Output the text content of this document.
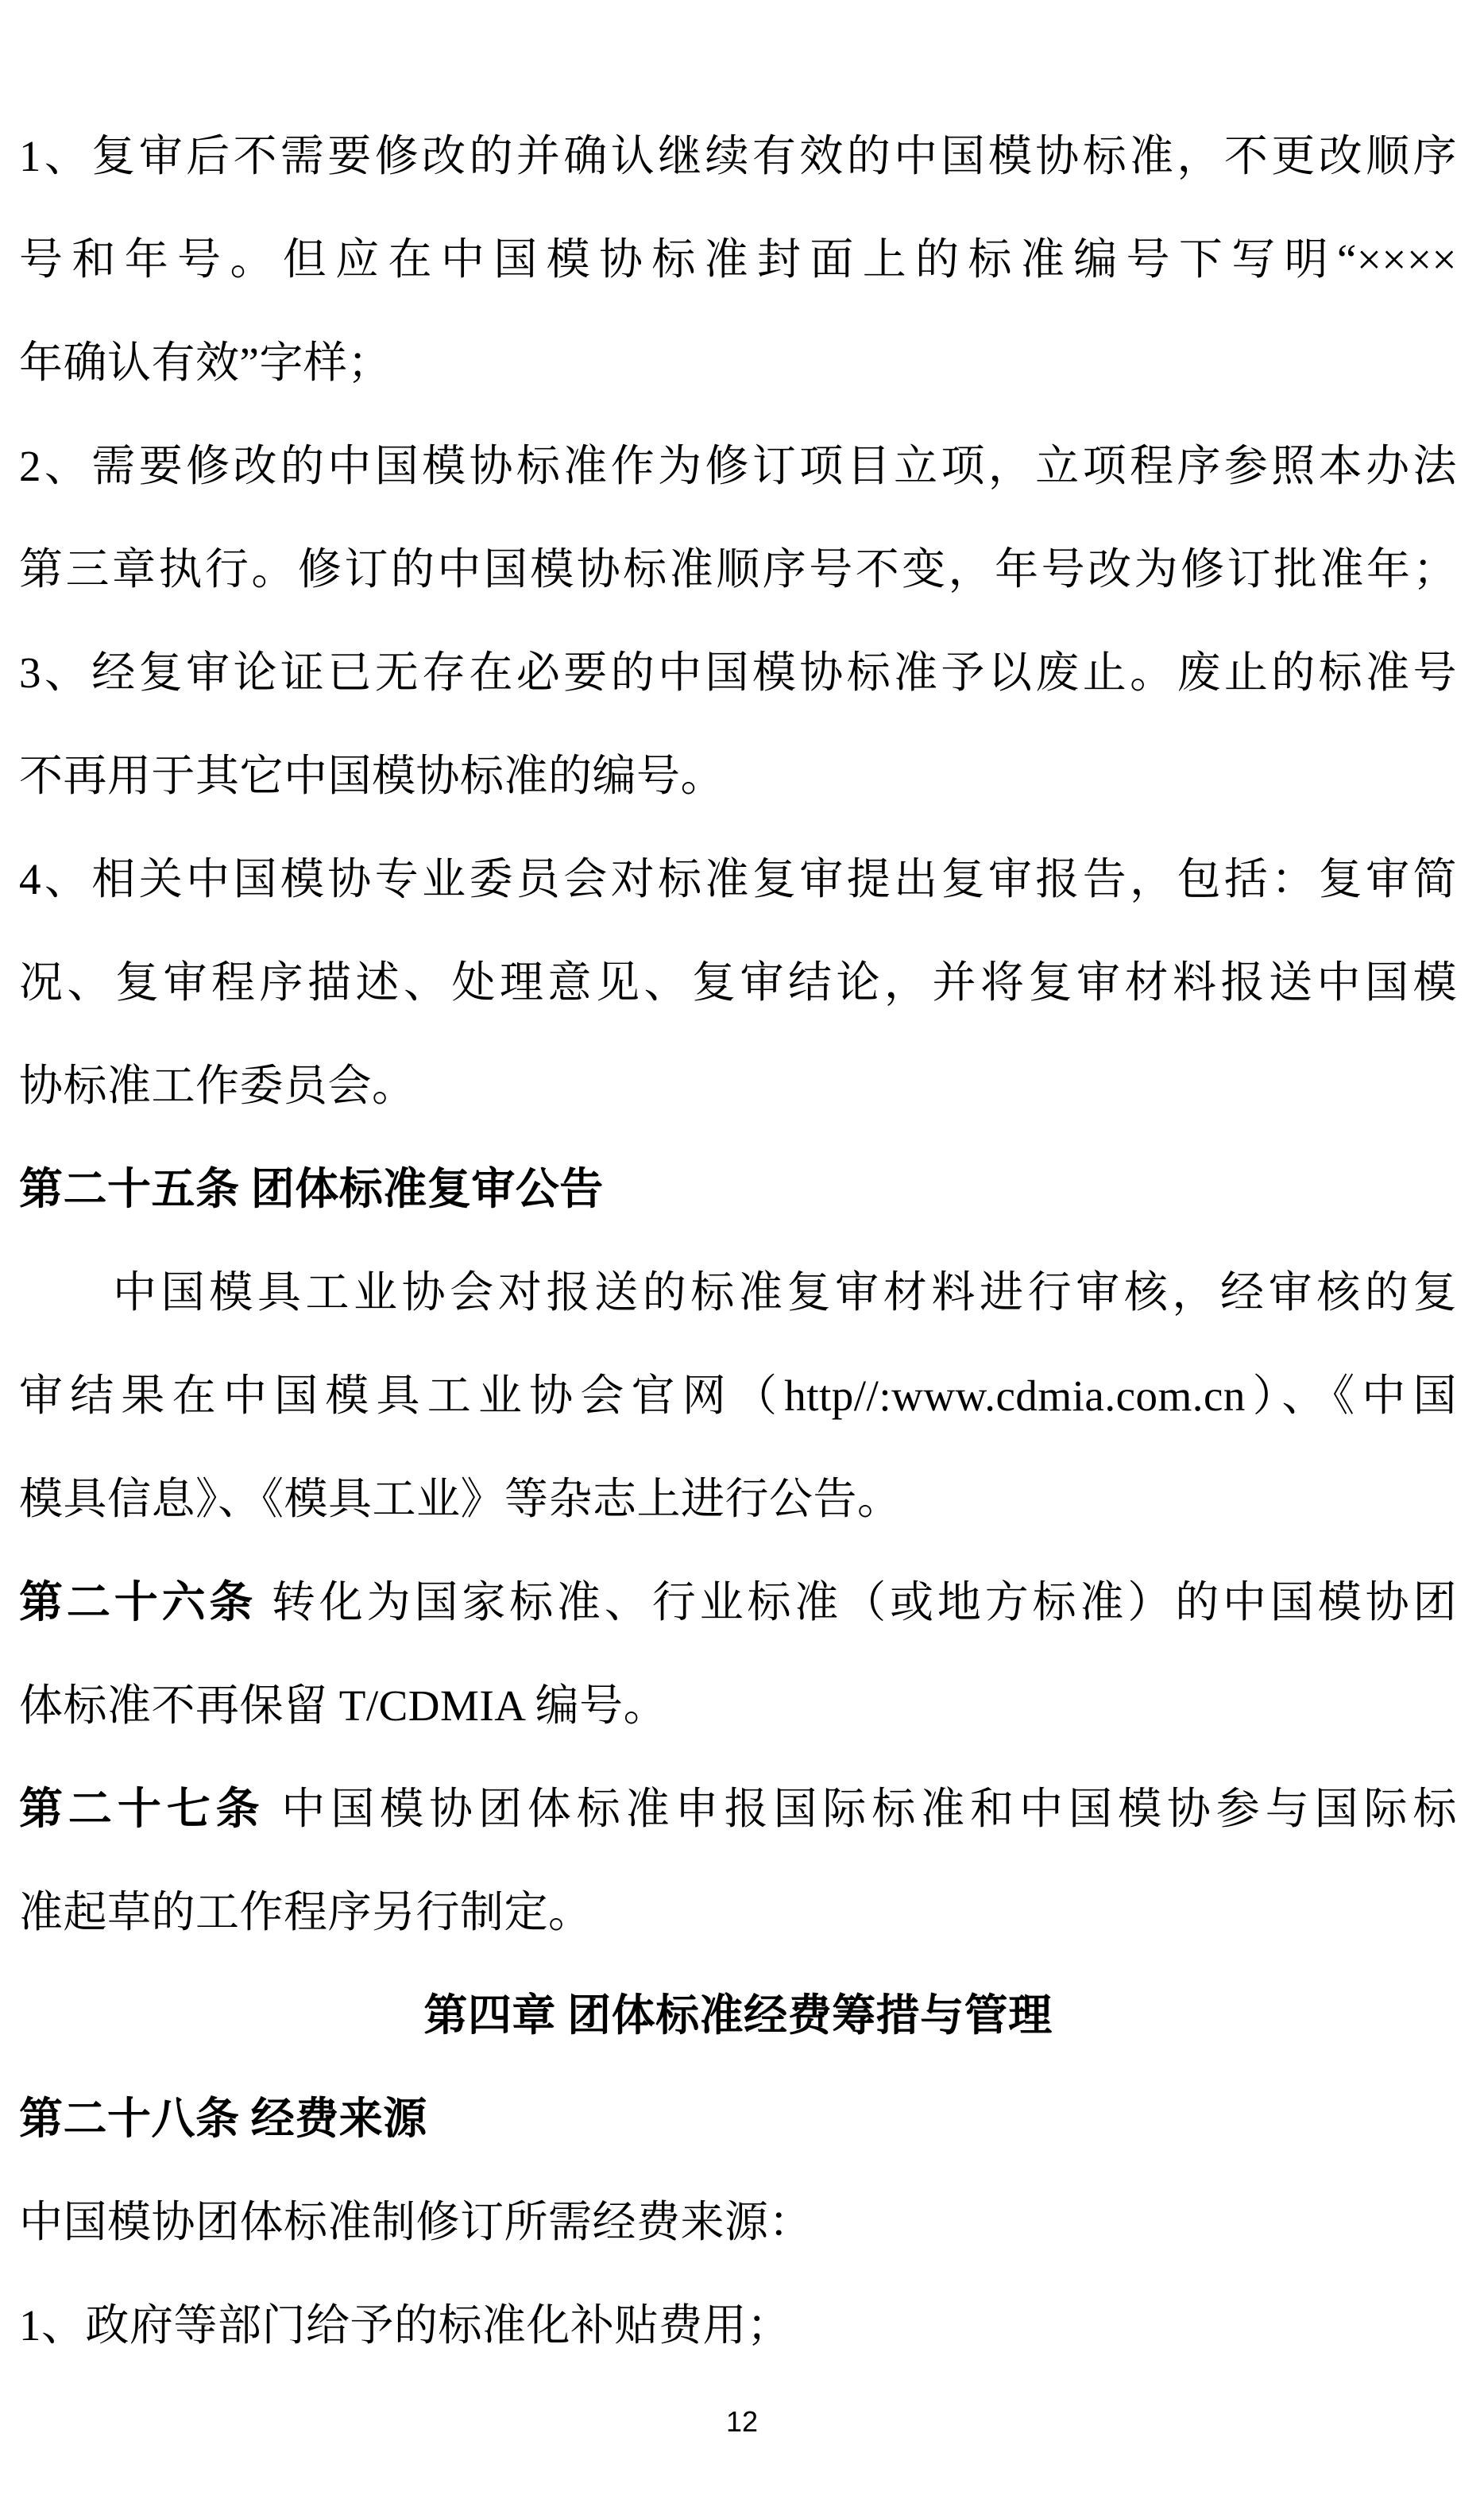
1、复审后不需要修改的并确认继续有效的中国模协标准，不更改顺序
号和年号。但应在中国模协标准封面上的标准编号下写明“××××
年确认有效”字样；
2、需要修改的中国模协标准作为修订项目立项，立项程序参照本办法
第三章执行。修订的中国模协标准顺序号不变，年号改为修订批准年；
3、经复审论证已无存在必要的中国模协标准予以废止。废止的标准号
不再用于其它中国模协标准的编号。
4、相关中国模协专业委员会对标准复审提出复审报告，包括：复审简
况、复审程序描述、处理意见、复审结论，并将复审材料报送中国模
协标准工作委员会。
第二十五条 团体标准复审公告
中国模具工业协会对报送的标准复审材料进行审核，经审核的复
审结果在中国模具工业协会官网（http//:www.cdmia.com.cn）、《中国
模具信息》、《模具工业》等杂志上进行公告。
第二十六条 转化为国家标准、行业标准（或地方标准）的中国模协团
体标准不再保留 T/CDMIA 编号。
第二十七条 中国模协团体标准申报国际标准和中国模协参与国际标
准起草的工作程序另行制定。
第四章 团体标准经费筹措与管理
第二十八条 经费来源
中国模协团体标准制修订所需经费来源：
1、政府等部门给予的标准化补贴费用；
12
